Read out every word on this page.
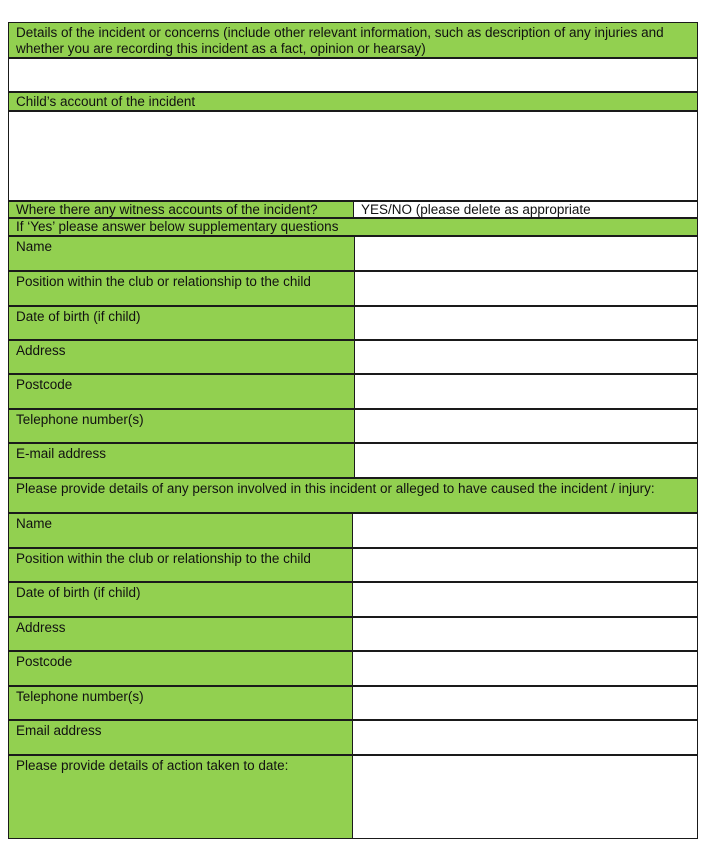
Details of the incident or concerns (include other relevant information, such as description of any injuries and whether you are recording this incident as a fact, opinion or hearsay)
Child’s account of the incident
Where there any witness accounts of the incident?	YES/NO (please delete as appropriate
If ‘Yes’ please answer below supplementary questions
Name
Position within the club or relationship to the child
Date of birth (if child)
Address
Postcode
Telephone number(s)
E-mail address
Please provide details of any person involved in this incident or alleged to have caused the incident / injury:
Name
Position within the club or relationship to the child
Date of birth (if child)
Address
Postcode
Telephone number(s)
Email address
Please provide details of action taken to date:
